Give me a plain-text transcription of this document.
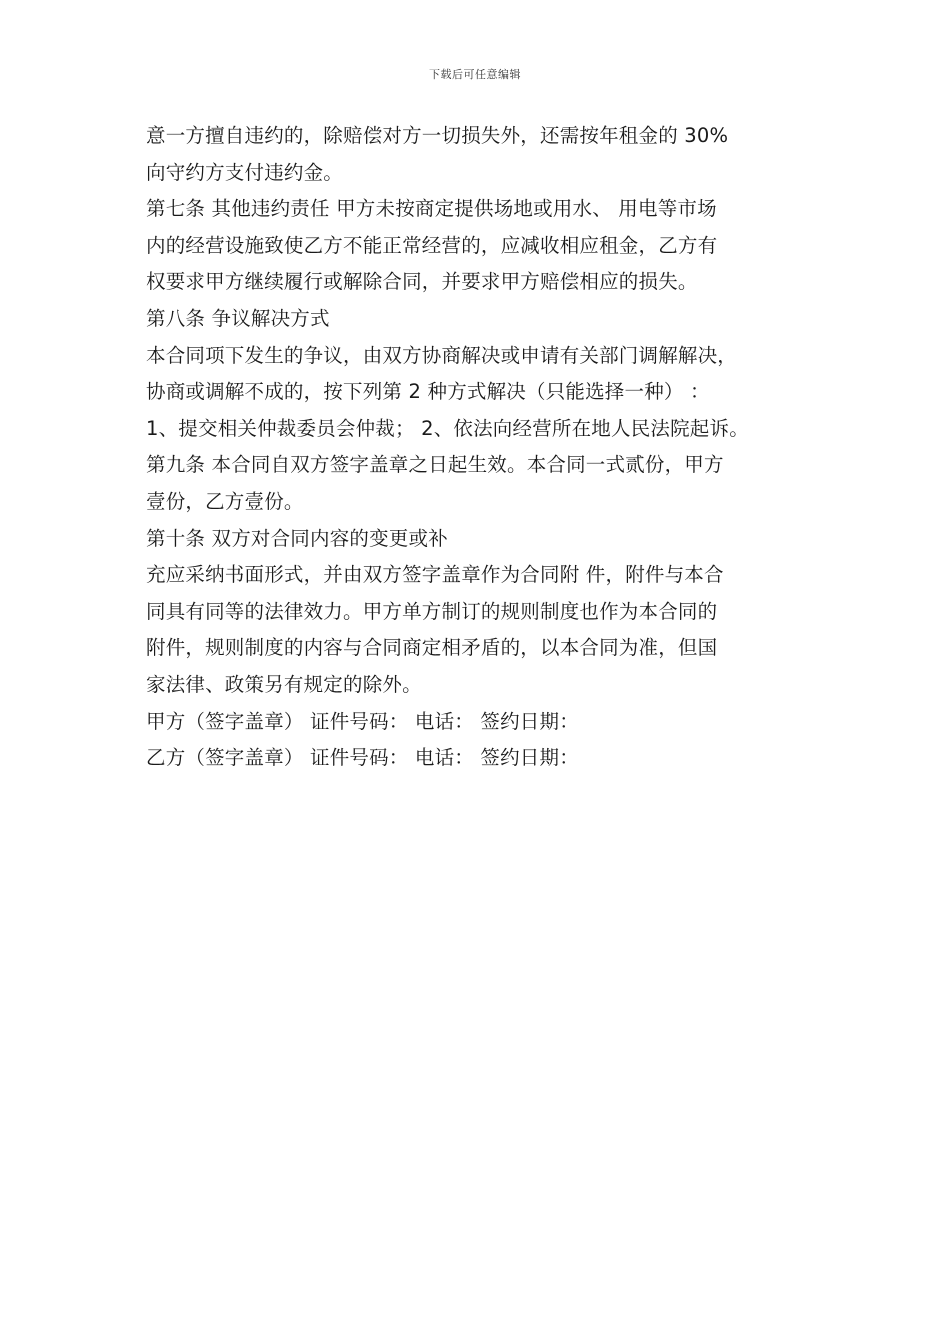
下载后可任意编辑
意一方擅自违约的，除赔偿对方一切损失外，还需按年租金的 30%
向守约方支付违约金。
第七条 其他违约责任 甲方未按商定提供场地或用水、 用电等市场
内的经营设施致使乙方不能正常经营的，应减收相应租金，乙方有
权要求甲方继续履行或解除合同，并要求甲方赔偿相应的损失。
第八条 争议解决方式
本合同项下发生的争议，由双方协商解决或申请有关部门调解解决，
协商或调解不成的，按下列第 2 种方式解决（只能选择一种） ：
1、提交相关仲裁委员会仲裁； 2、依法向经营所在地人民法院起诉。
第九条 本合同自双方签字盖章之日起生效。本合同一式贰份，甲方
壹份，乙方壹份。
第十条 双方对合同内容的变更或补
充应采纳书面形式，并由双方签字盖章作为合同附 件，附件与本合
同具有同等的法律效力。甲方单方制订的规则制度也作为本合同的
附件，规则制度的内容与合同商定相矛盾的，以本合同为准，但国
家法律、政策另有规定的除外。
甲方（签字盖章） 证件号码： 电话： 签约日期：
乙方（签字盖章） 证件号码： 电话： 签约日期：
